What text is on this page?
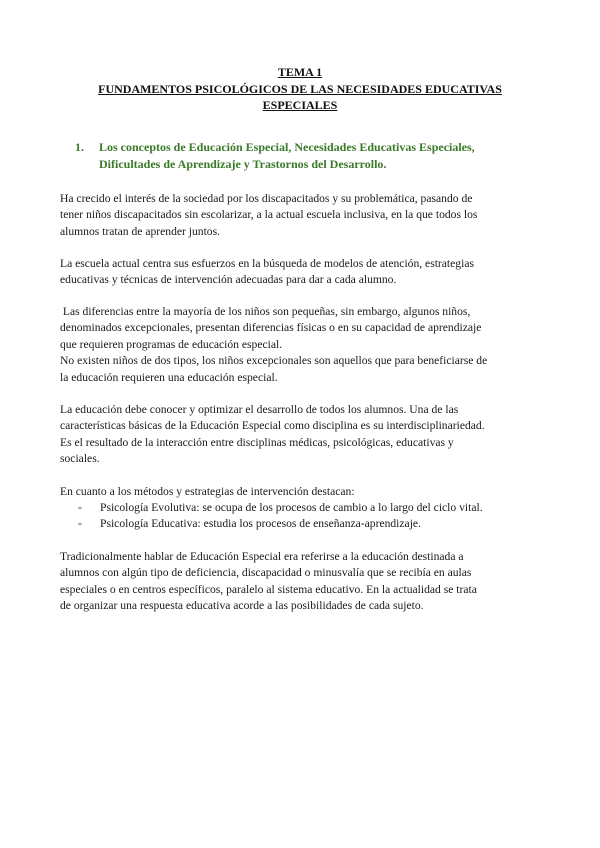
TEMA 1
FUNDAMENTOS PSICOLÓGICOS DE LAS NECESIDADES EDUCATIVAS
ESPECIALES
1. Los conceptos de Educación Especial, Necesidades Educativas Especiales,
Dificultades de Aprendizaje y Trastornos del Desarrollo.

Ha crecido el interés de la sociedad por los discapacitados y su problemática, pasando de
tener niños discapacitados sin escolarizar, a la actual escuela inclusiva, en la que todos los
alumnos tratan de aprender juntos.

La escuela actual centra sus esfuerzos en la búsqueda de modelos de atención, estrategias
educativas y técnicas de intervención adecuadas para dar a cada alumno.

Las diferencias entre la mayoría de los niños son pequeñas, sin embargo, algunos niños,
denominados excepcionales, presentan diferencias físicas o en su capacidad de aprendizaje
que requieren programas de educación especial.
No existen niños de dos tipos, los niños excepcionales son aquellos que para beneficiarse de
la educación requieren una educación especial.

La educación debe conocer y optimizar el desarrollo de todos los alumnos. Una de las
características básicas de la Educación Especial como disciplina es su interdisciplinariedad.
Es el resultado de la interacción entre disciplinas médicas, psicológicas, educativas y
sociales.

En cuanto a los métodos y estrategias de intervención destacan:

- Psicología Evolutiva: se ocupa de los procesos de cambio a lo largo del ciclo vital.
- Psicología Educativa: estudia los procesos de enseñanza-aprendizaje.

Tradicionalmente hablar de Educación Especial era referirse a la educación destinada a
alumnos con algún tipo de deficiencia, discapacidad o minusvalía que se recibía en aulas
especiales o en centros específicos, paralelo al sistema educativo. En la actualidad se trata
de organizar una respuesta educativa acorde a las posibilidades de cada sujeto.
